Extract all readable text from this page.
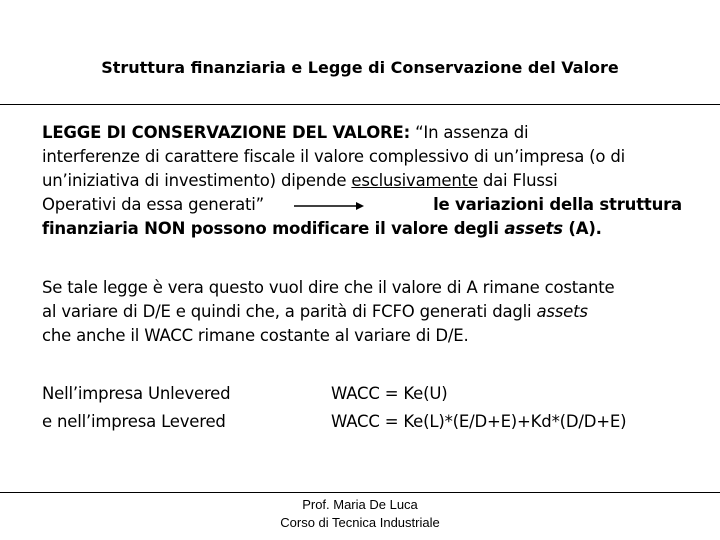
Struttura finanziaria e Legge di Conservazione del Valore
LEGGE DI CONSERVAZIONE DEL VALORE: “In assenza di
interferenze di carattere fiscale il valore complessivo di un’impresa (o di
un’iniziativa di investimento) dipende esclusivamente dai Flussi
Operativi da essa generati”	le variazioni della struttura
finanziaria NON possono modificare il valore degli assets (A).
Se tale legge è vera questo vuol dire che il valore di A rimane costante
al variare di D/E e quindi che, a parità di FCFO generati dagli assets
che anche il WACC rimane costante al variare di D/E.
Nell’impresa Unlevered
e nell’impresa Levered
WACC = Ke(U)
WACC = Ke(L)*(E/D+E)+Kd*(D/D+E)
Prof. Maria De Luca
Corso di Tecnica Industriale
